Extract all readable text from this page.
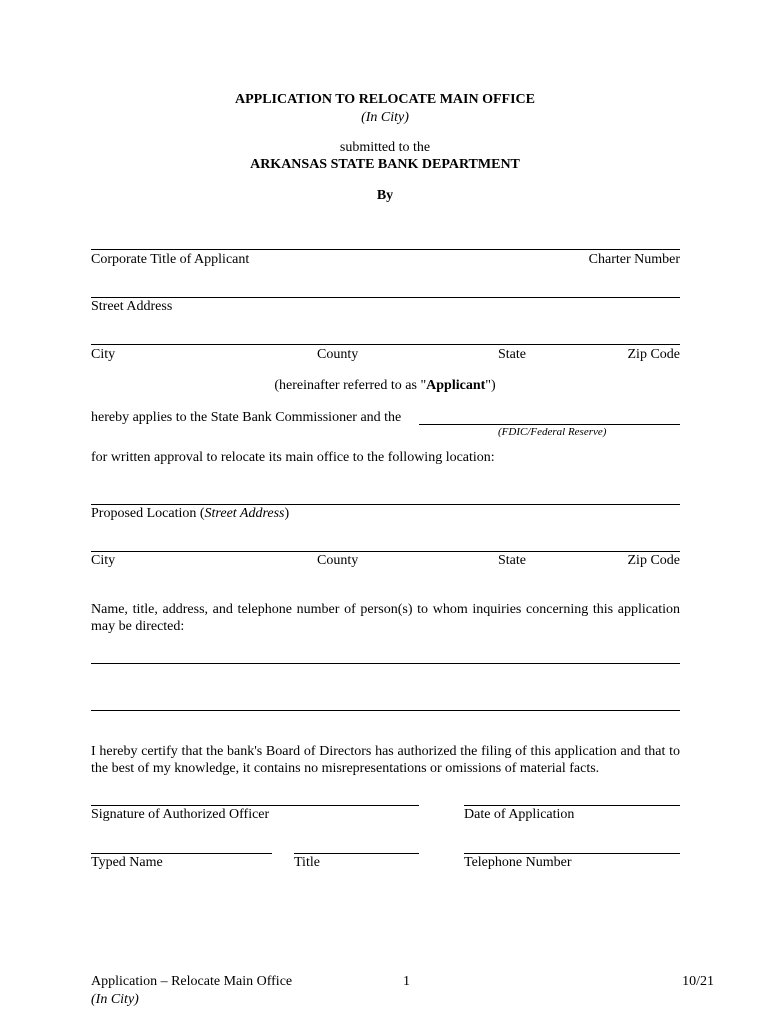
APPLICATION TO RELOCATE MAIN OFFICE
(In City)
submitted to the
ARKANSAS STATE BANK DEPARTMENT
By
Corporate Title of Applicant	Charter Number
Street Address
City	County	State	Zip Code
(hereinafter referred to as "Applicant")
hereby applies to the State Bank Commissioner and the
(FDIC/Federal Reserve)
for written approval to relocate its main office to the following location:
Proposed Location (Street Address)
City	County	State	Zip Code
Name, title, address, and telephone number of person(s) to whom inquiries concerning this application may be directed:
I hereby certify that the bank's Board of Directors has authorized the filing of this application and that to the best of my knowledge, it contains no misrepresentations or omissions of material facts.
Signature of Authorized Officer	Date of Application
Typed Name	Title	Telephone Number
Application – Relocate Main Office
(In City)
1	10/21
